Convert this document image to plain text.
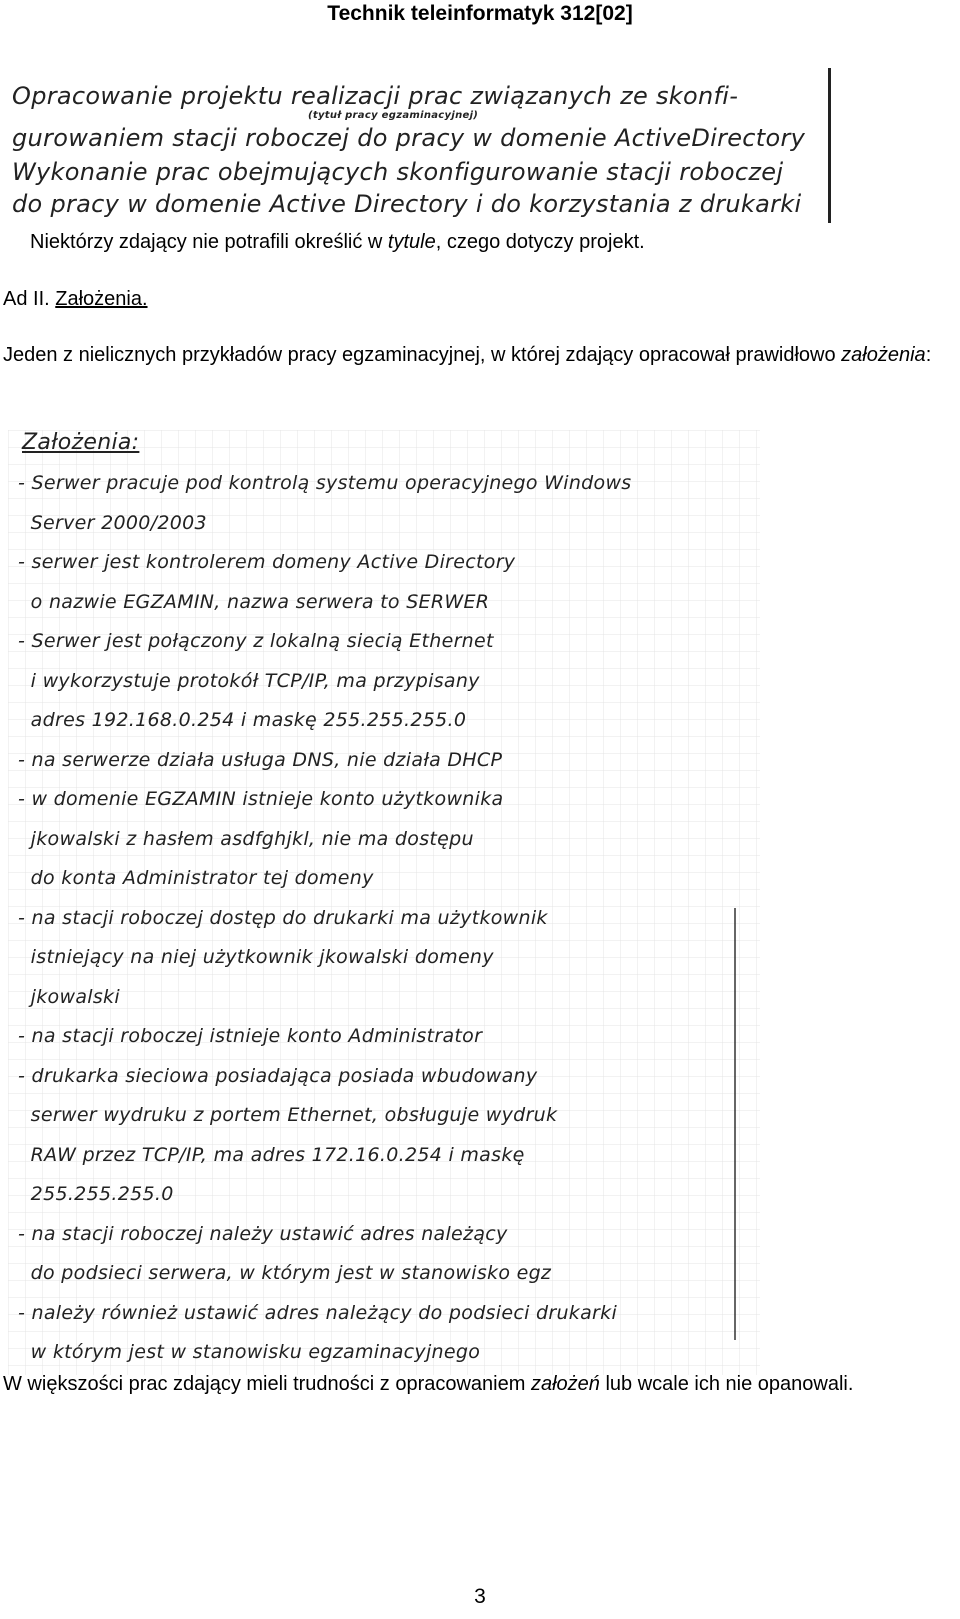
Technik teleinformatyk 312[02]
Opracowanie projektu realizacji prac związanych ze skonfi-
(tytuł pracy egzaminacyjnej)
gurowaniem stacji roboczej do pracy w domenie ActiveDirectory
Wykonanie prac obejmujących skonfigurowanie stacji roboczej
do pracy w domenie Active Directory i do korzystania z drukarki
Niektórzy zdający nie potrafili określić w tytule, czego dotyczy projekt.
Ad II. Założenia.
Jeden z nielicznych przykładów pracy egzaminacyjnej, w której zdający opracował prawidłowo założenia:
Założenia:
- Serwer pracuje pod kontrolą systemu operacyjnego Windows
Server 2000/2003
- serwer jest kontrolerem domeny Active Directory
o nazwie EGZAMIN, nazwa serwera to SERWER
- Serwer jest połączony z lokalną siecią Ethernet
i wykorzystuje protokół TCP/IP, ma przypisany
adres 192.168.0.254 i maskę 255.255.255.0
- na serwerze działa usługa DNS, nie działa DHCP
- w domenie EGZAMIN istnieje konto użytkownika
jkowalski z hasłem asdfghjkl, nie ma dostępu
do konta Administrator tej domeny
- na stacji roboczej dostęp do drukarki ma użytkownik
istniejący na niej użytkownik jkowalski domeny
jkowalski
- na stacji roboczej istnieje konto Administrator
- drukarka sieciowa posiadająca posiada wbudowany
serwer wydruku z portem Ethernet, obsługuje wydruk
RAW przez TCP/IP, ma adres 172.16.0.254 i maskę
255.255.255.0
- na stacji roboczej należy ustawić adres należący
do podsieci serwera, w którym jest w stanowisko egz
- należy również ustawić adres należący do podsieci drukarki
w którym jest w stanowisku egzaminacyjnego
W większości prac zdający mieli trudności z opracowaniem założeń lub wcale ich nie opanowali.
3
